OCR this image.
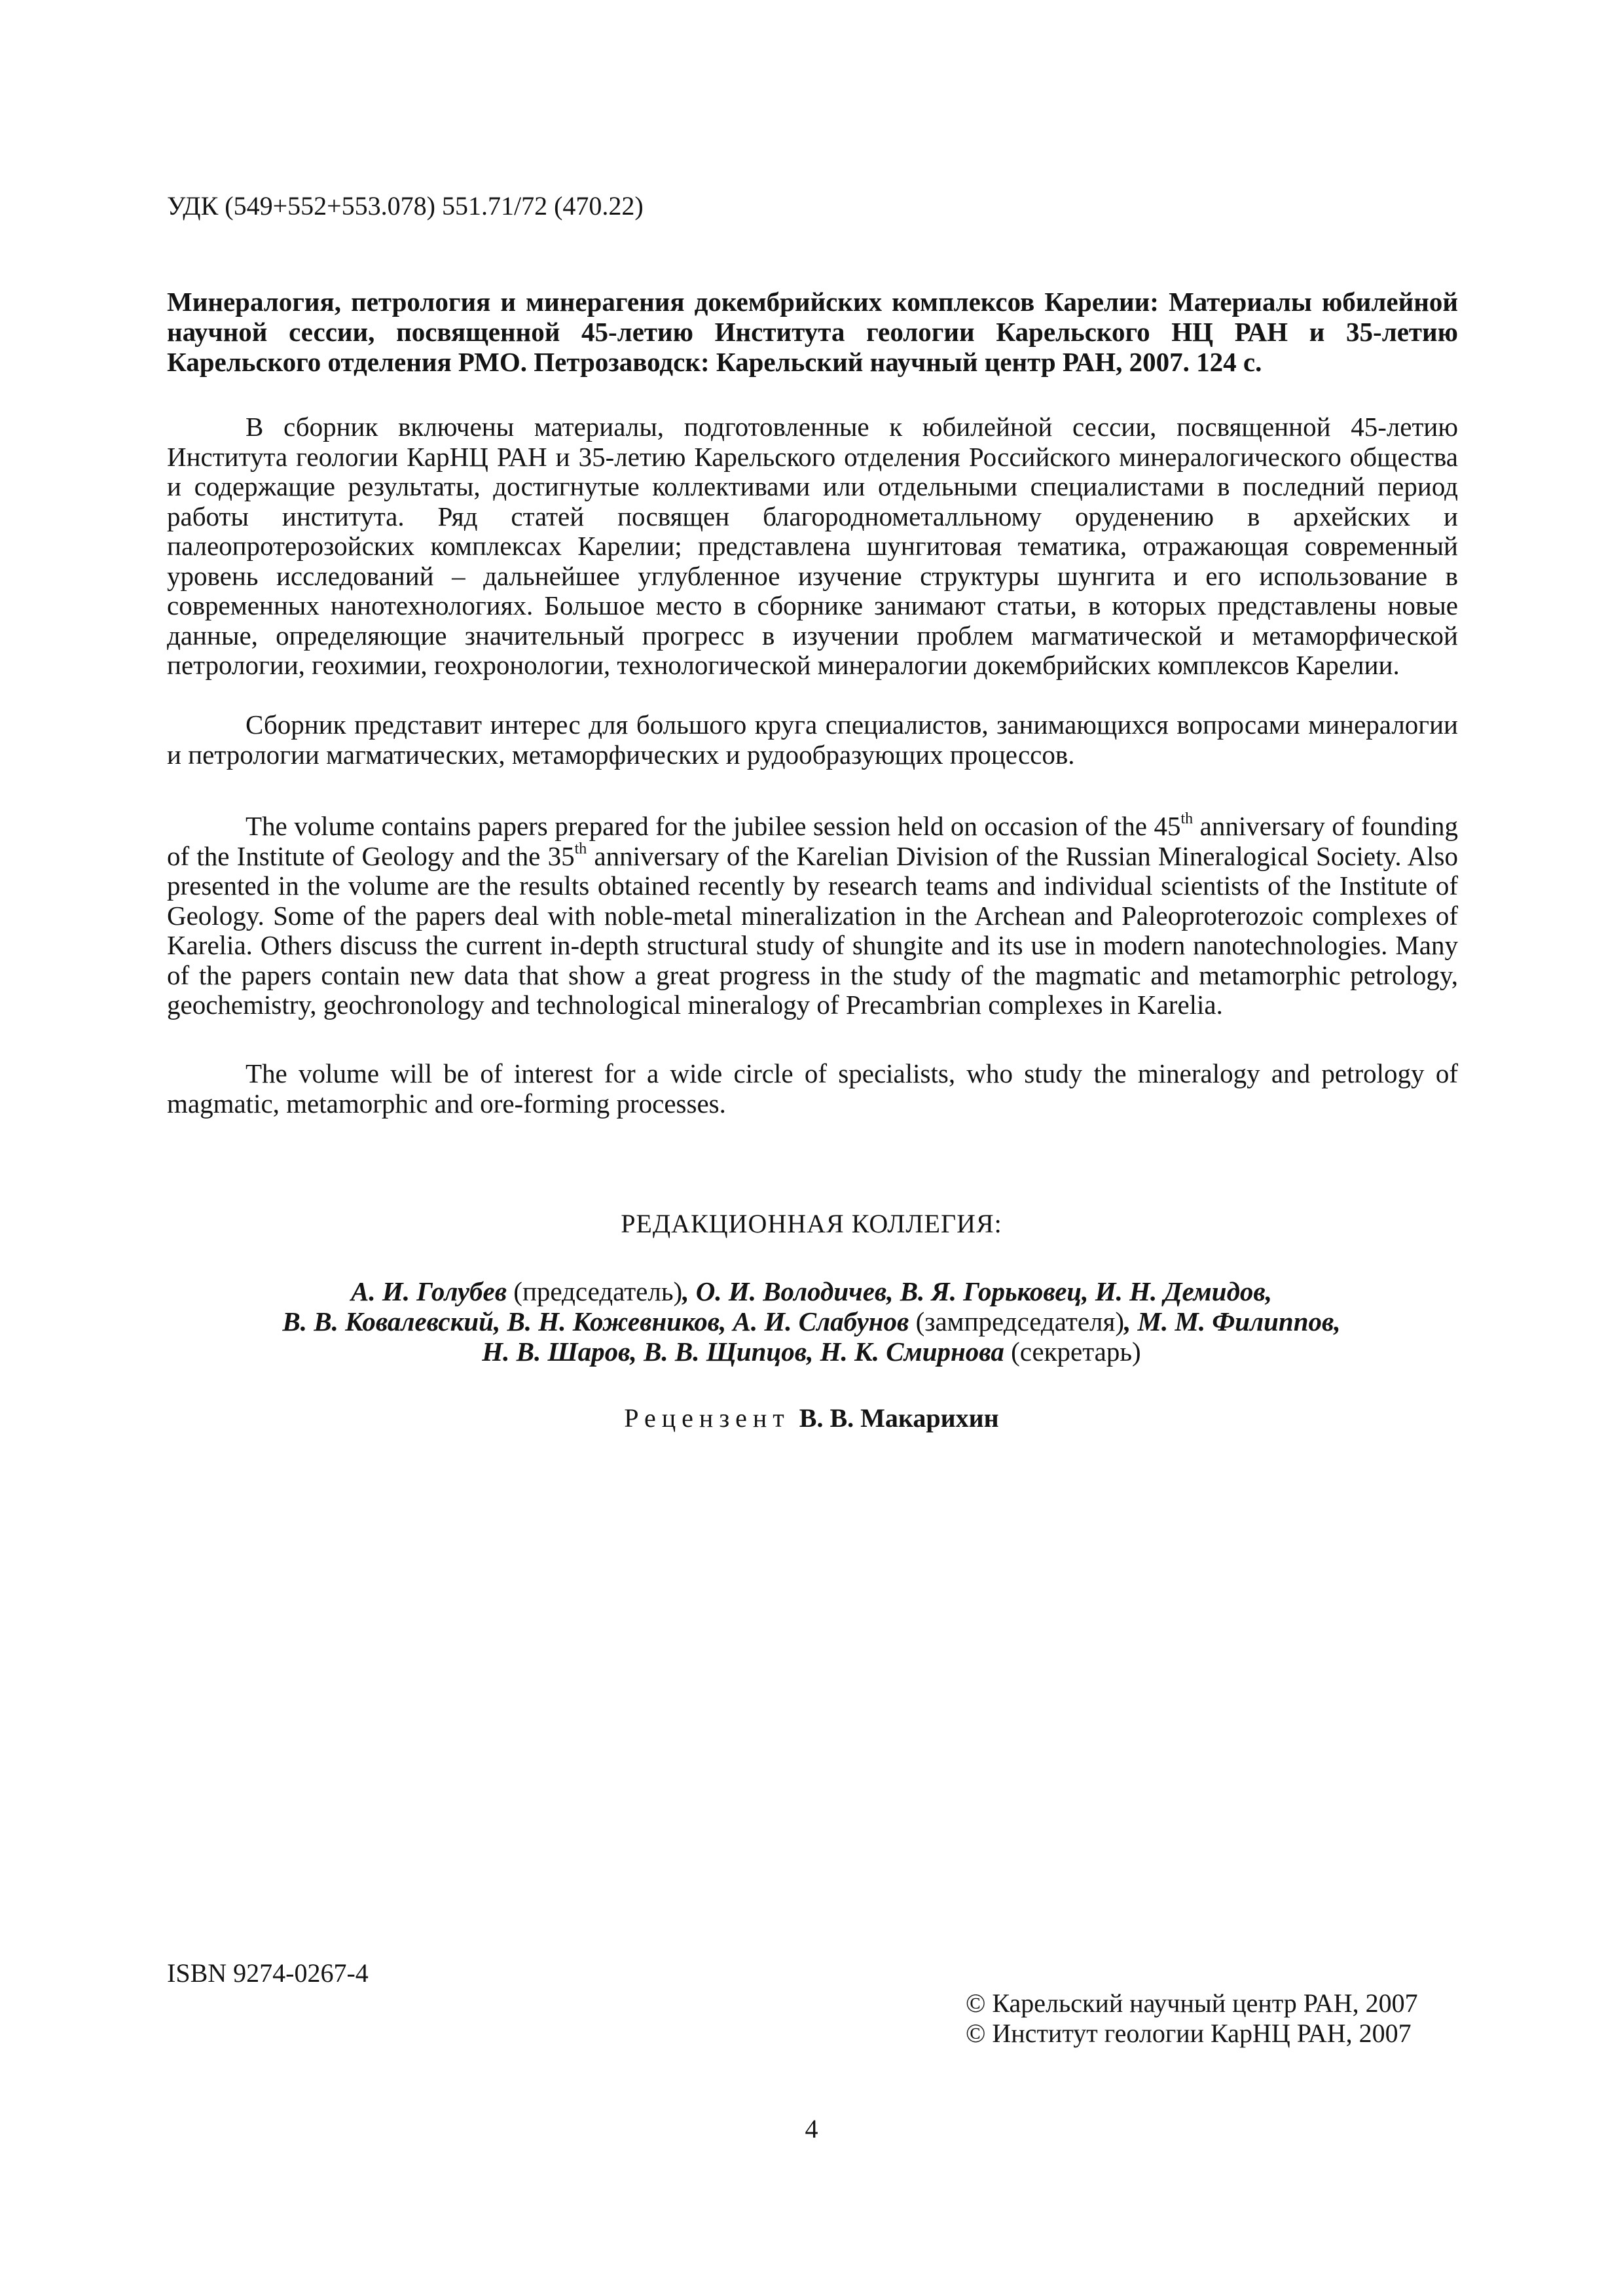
УДК (549+552+553.078) 551.71/72 (470.22)

Минералогия, петрология и минерагения докембрийских комплексов Карелии: Материалы юбилейной научной сессии, посвященной 45-летию Института геологии Карельского НЦ РАН и 35-летию Карельского отделения РМО. Петрозаводск: Карельский научный центр РАН, 2007. 124 с.

В сборник включены материалы, подготовленные к юбилейной сессии, посвященной 45-летию Института геологии КарНЦ РАН и 35-летию Карельского отделения Российского минералогического общества и содержащие результаты, достигнутые коллективами или отдельными специалистами в последний период работы института. Ряд статей посвящен благороднометалльному оруденению в архейских и палеопротерозойских комплексах Карелии; представлена шунгитовая тематика, отражающая современный уровень исследований – дальнейшее углубленное изучение структуры шунгита и его использование в современных нанотехнологиях. Большое место в сборнике занимают статьи, в которых представлены новые данные, определяющие значительный прогресс в изучении проблем магматической и метаморфической петрологии, геохимии, геохронологии, технологической минералогии докембрийских комплексов Карелии.

Сборник представит интерес для большого круга специалистов, занимающихся вопросами минералогии и петрологии магматических, метаморфических и рудообразующих процессов.

The volume contains papers prepared for the jubilee session held on occasion of the 45th anniversary of founding of the Institute of Geology and the 35th anniversary of the Karelian Division of the Russian Mineralogical Society. Also presented in the volume are the results obtained recently by research teams and individual scientists of the Institute of Geology. Some of the papers deal with noble-metal mineralization in the Archean and Paleoproterozoic complexes of Karelia. Others discuss the current in-depth structural study of shungite and its use in modern nanotechnologies. Many of the papers contain new data that show a great progress in the study of the magmatic and metamorphic petrology, geochemistry, geochronology and technological mineralogy of Precambrian complexes in Karelia.

The volume will be of interest for a wide circle of specialists, who study the mineralogy and petrology of magmatic, metamorphic and ore-forming processes.

РЕДАКЦИОННАЯ КОЛЛЕГИЯ:

А. И. Голубев (председатель), О. И. Володичев, В. Я. Горьковец, И. Н. Демидов,
В. В. Ковалевский, В. Н. Кожевников, А. И. Слабунов (зампредседателя), М. М. Филиппов,
Н. В. Шаров, В. В. Щипцов, Н. К. Смирнова (секретарь)

Рецензент В. В. Макарихин

ISBN 9274-0267-4

© Карельский научный центр РАН, 2007

© Институт геологии КарНЦ РАН, 2007

4
